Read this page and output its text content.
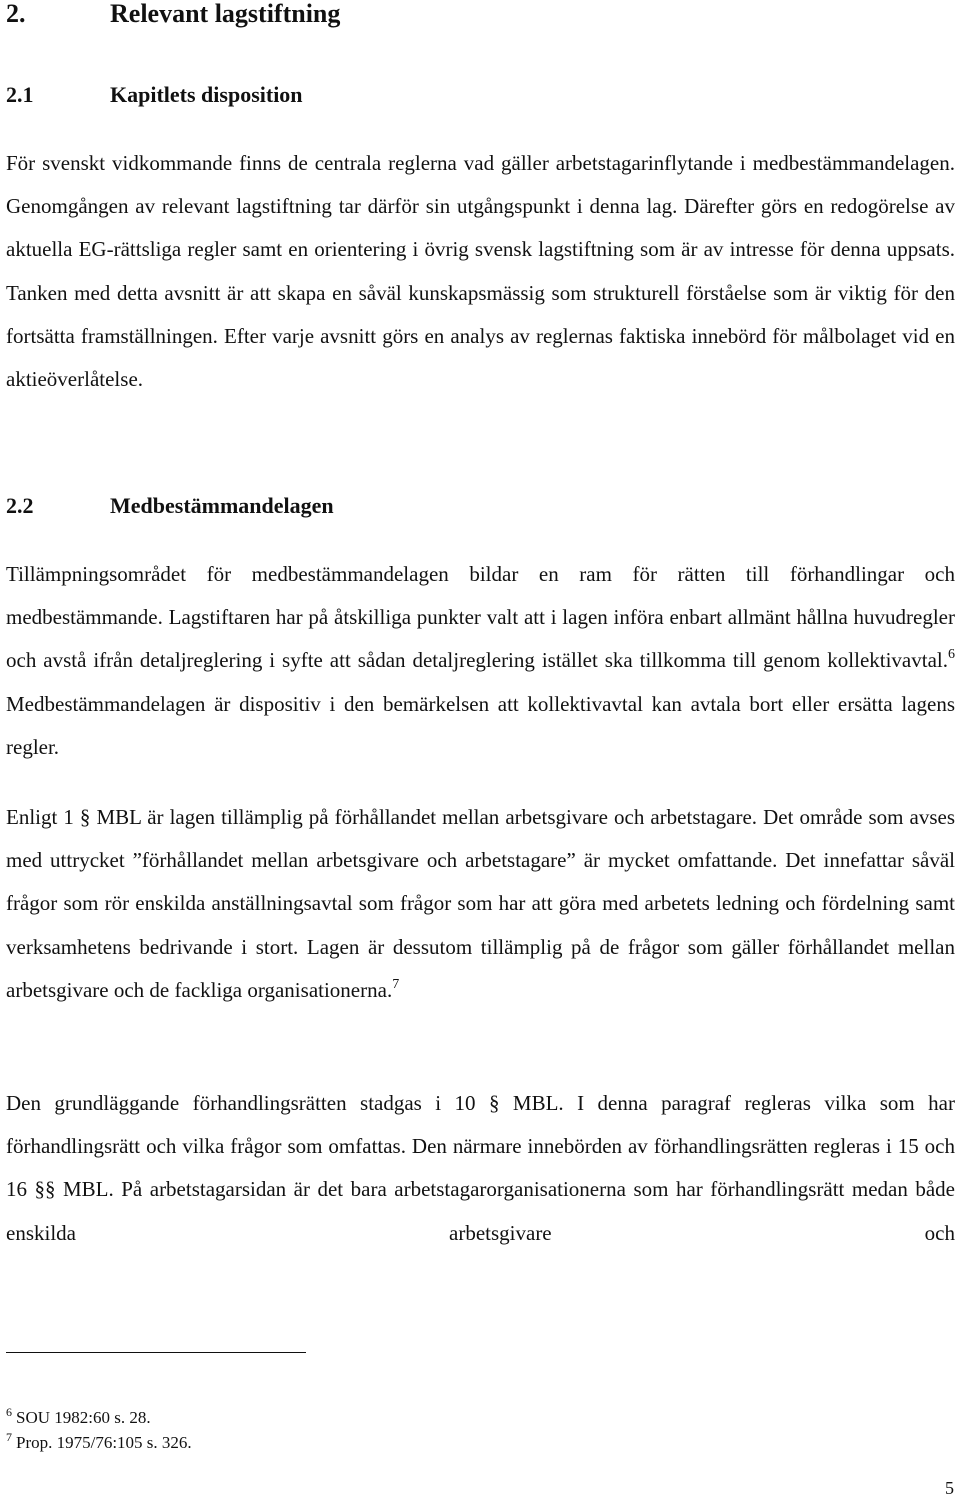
2.	Relevant lagstiftning
2.1	Kapitlets disposition

För svenskt vidkommande finns de centrala reglerna vad gäller arbetstagarinflytande i medbestämmandelagen. Genomgången av relevant lagstiftning tar därför sin utgångspunkt i denna lag. Därefter görs en redogörelse av aktuella EG-rättsliga regler samt en orientering i övrig svensk lagstiftning som är av intresse för denna uppsats. Tanken med detta avsnitt är att skapa en såväl kunskapsmässig som strukturell förståelse som är viktig för den fortsätta framställningen. Efter varje avsnitt görs en analys av reglernas faktiska innebörd för målbolaget vid en aktieöverlåtelse.

2.2	Medbestämmandelagen

Tillämpningsområdet för medbestämmandelagen bildar en ram för rätten till förhandlingar och medbestämmande. Lagstiftaren har på åtskilliga punkter valt att i lagen införa enbart allmänt hållna huvudregler och avstå ifrån detaljreglering i syfte att sådan detaljreglering istället ska tillkomma till genom kollektivavtal.$^6$ Medbestämmandelagen är dispositiv i den bemärkelsen att kollektivavtal kan avtala bort eller ersätta lagens regler.

Enligt 1 § MBL är lagen tillämplig på förhållandet mellan arbetsgivare och arbetstagare. Det område som avses med uttrycket ”förhållandet mellan arbetsgivare och arbetstagare” är mycket omfattande. Det innefattar såväl frågor som rör enskilda anställningsavtal som frågor som har att göra med arbetets ledning och fördelning samt verksamhetens bedrivande i stort. Lagen är dessutom tillämplig på de frågor som gäller förhållandet mellan arbetsgivare och de fackliga organisationerna.$^7$

Den grundläggande förhandlingsrätten stadgas i 10 § MBL. I denna paragraf regleras vilka som har förhandlingsrätt och vilka frågor som omfattas. Den närmare innebörden av förhandlingsrätten regleras i 15 och 16 §§ MBL. På arbetstagarsidan är det bara arbetstagarorganisationerna som har förhandlingsrätt medan både enskilda arbetsgivare och

$^6$ SOU 1982:60 s. 28.
$^7$ Prop. 1975/76:105 s. 326.
5
